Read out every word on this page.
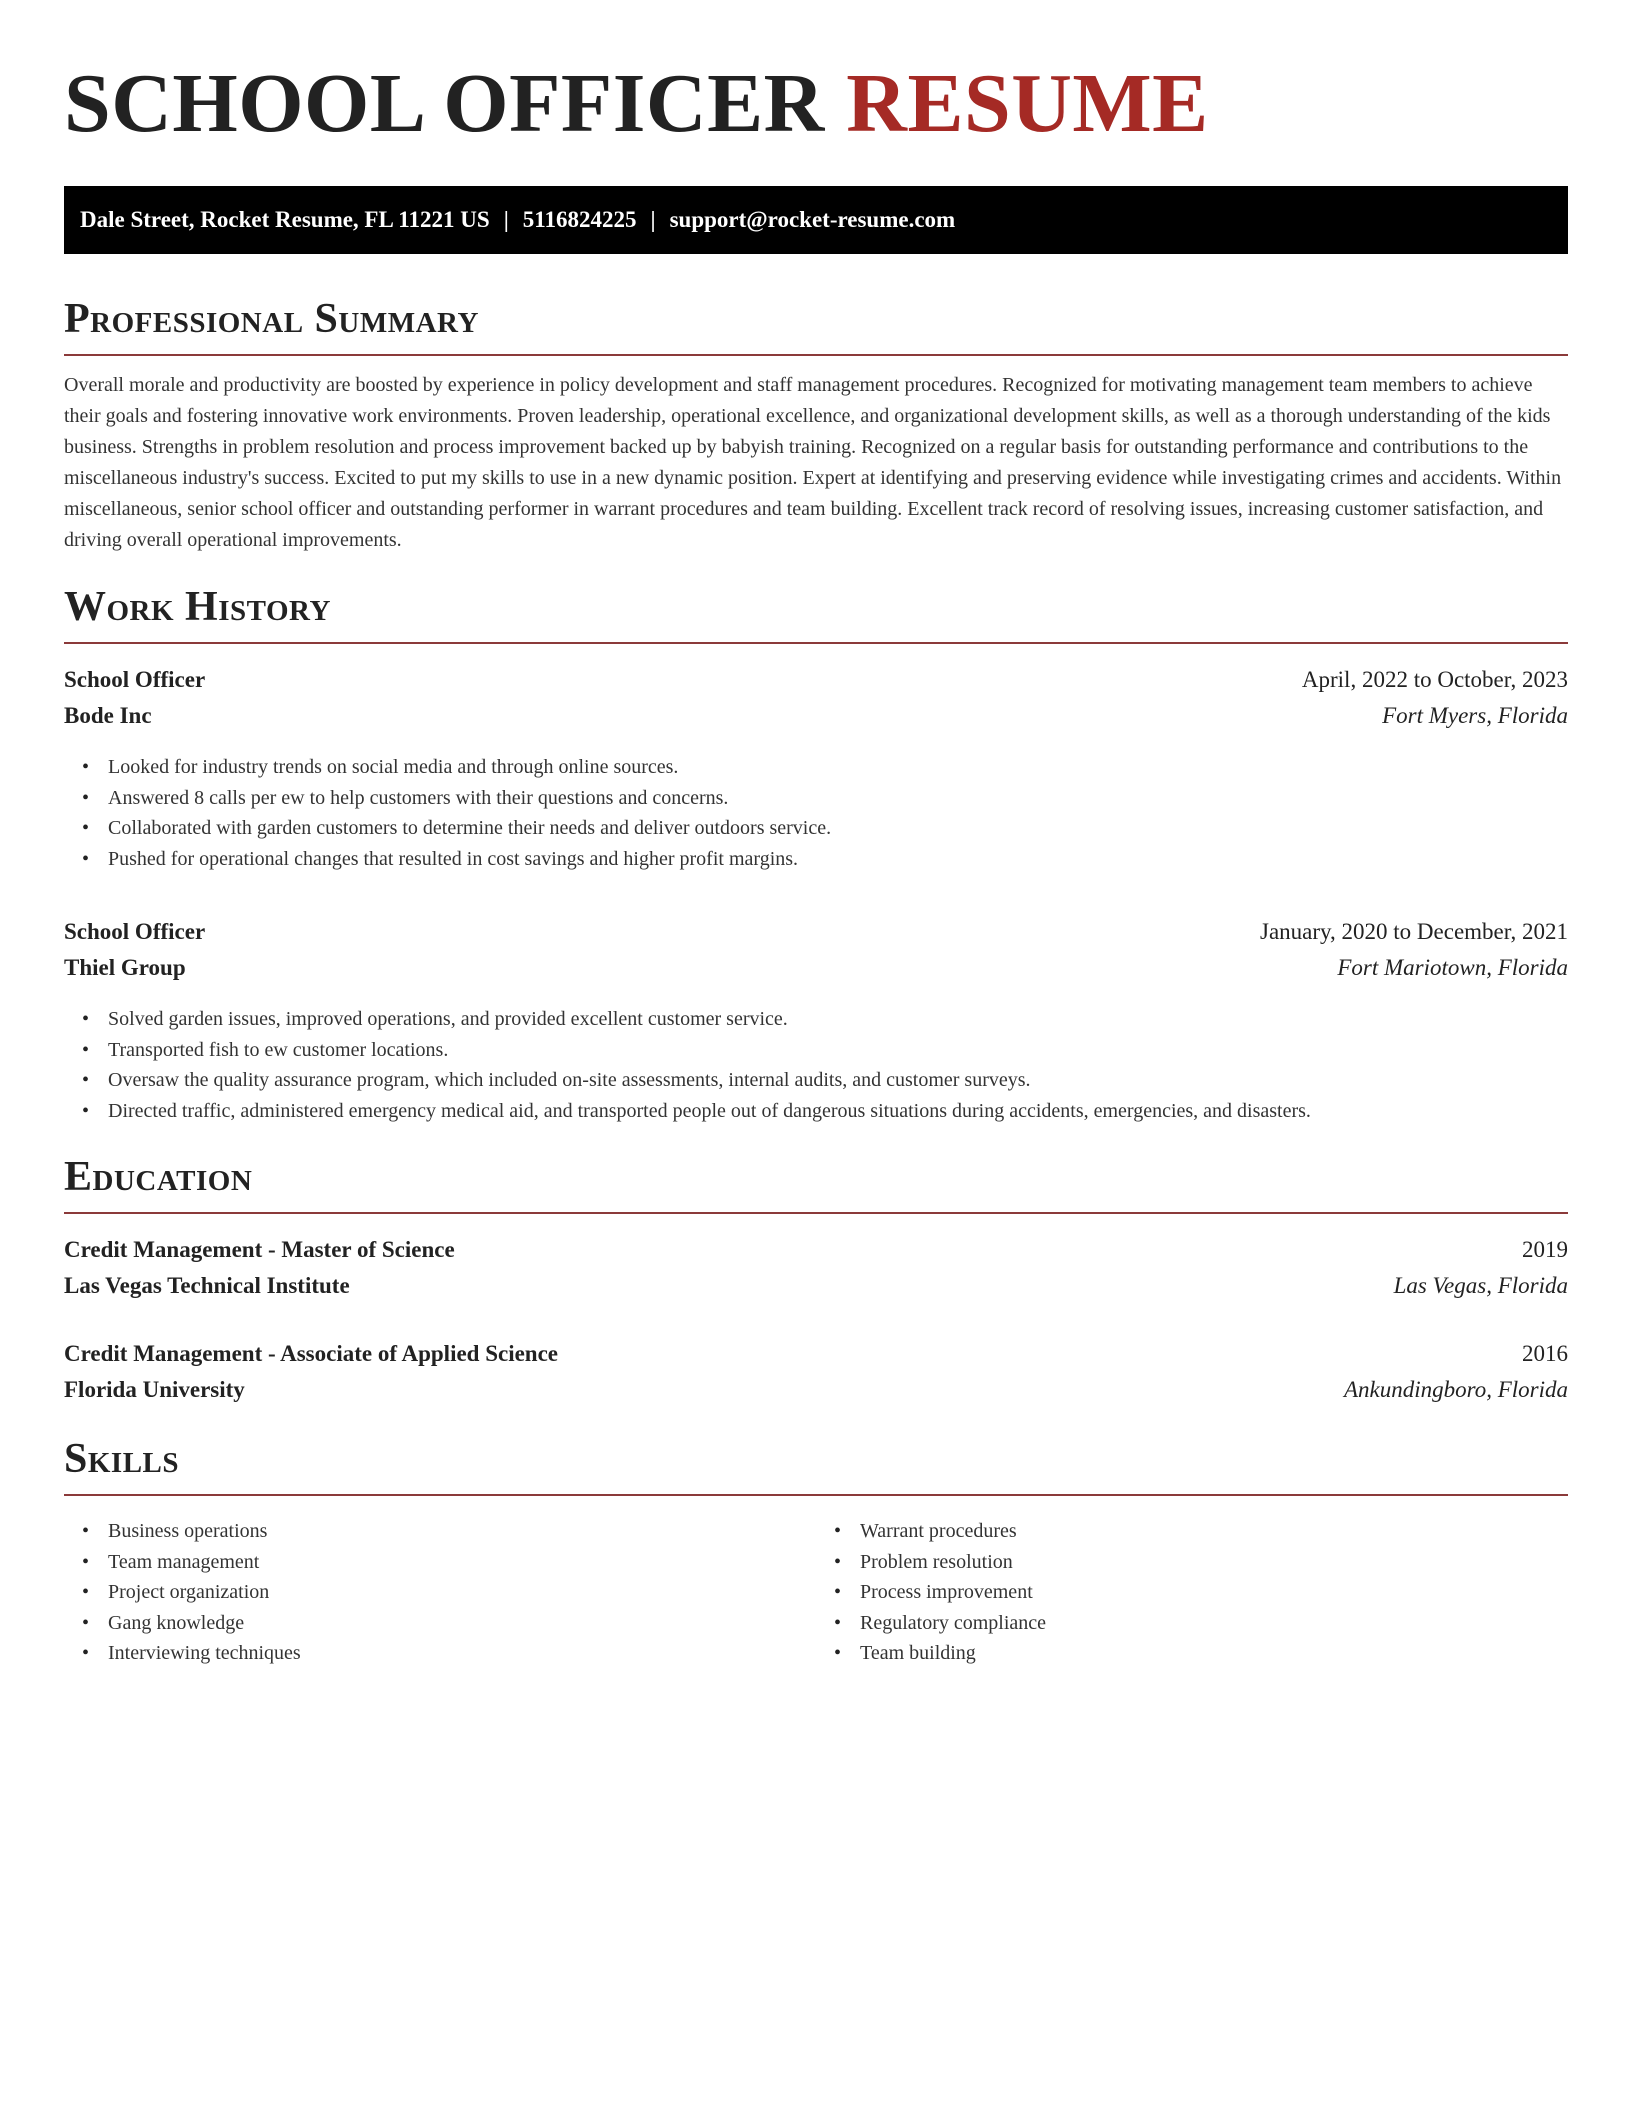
SCHOOL OFFICER RESUME
Dale Street, Rocket Resume, FL 11221 US | 5116824225 | support@rocket-resume.com
Professional Summary

Overall morale and productivity are boosted by experience in policy development and staff management procedures. Recognized for motivating management team members to achieve their goals and fostering innovative work environments. Proven leadership, operational excellence, and organizational development skills, as well as a thorough understanding of the kids business. Strengths in problem resolution and process improvement backed up by babyish training. Recognized on a regular basis for outstanding performance and contributions to the miscellaneous industry's success. Excited to put my skills to use in a new dynamic position. Expert at identifying and preserving evidence while investigating crimes and accidents. Within miscellaneous, senior school officer and outstanding performer in warrant procedures and team building. Excellent track record of resolving issues, increasing customer satisfaction, and driving overall operational improvements.

Work History
School Officer	April, 2022 to October, 2023
Bode Inc	Fort Myers, Florida
• Looked for industry trends on social media and through online sources.
• Answered 8 calls per ew to help customers with their questions and concerns.
• Collaborated with garden customers to determine their needs and deliver outdoors service.
• Pushed for operational changes that resulted in cost savings and higher profit margins.
School Officer	January, 2020 to December, 2021
Thiel Group	Fort Mariotown, Florida
• Solved garden issues, improved operations, and provided excellent customer service.
• Transported fish to ew customer locations.
• Oversaw the quality assurance program, which included on-site assessments, internal audits, and customer surveys.
• Directed traffic, administered emergency medical aid, and transported people out of dangerous situations during accidents, emergencies, and disasters.
Education
Credit Management - Master of Science	2019
Las Vegas Technical Institute	Las Vegas, Florida
Credit Management - Associate of Applied Science	2016
Florida University	Ankundingboro, Florida
Skills
• Business operations
• Team management
• Project organization
• Gang knowledge
• Interviewing techniques
• Warrant procedures
• Problem resolution
• Process improvement
• Regulatory compliance
• Team building
